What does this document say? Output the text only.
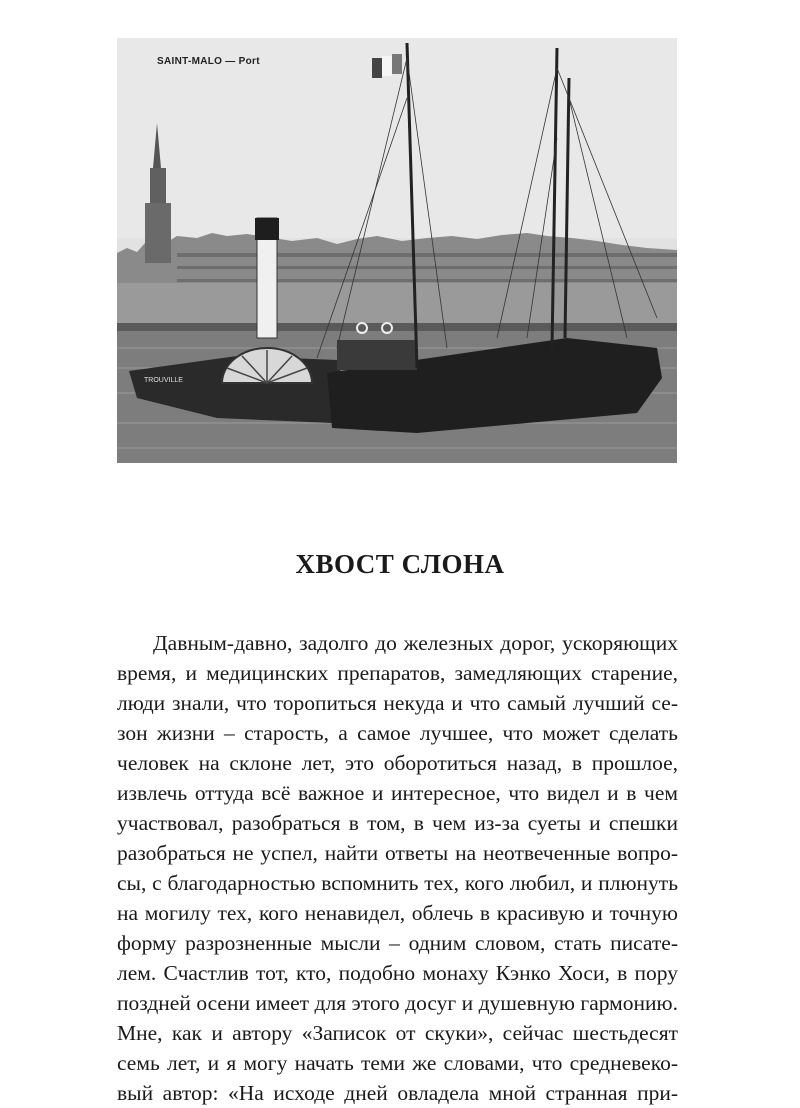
TROUVILLE
SAINT-MALO — Port
ХВОСТ СЛОНА
Давным-давно, задолго до железных дорог, ускоряющих
время, и медицинских препаратов, замедляющих старение,
люди знали, что торопиться некуда и что самый лучший се-
зон жизни – старость, а самое лучшее, что может сделать
человек на склоне лет, это оборотиться назад, в прошлое,
извлечь оттуда всё важное и интересное, что видел и в чем
участвовал, разобраться в том, в чем из-за суеты и спешки
разобраться не успел, найти ответы на неотвеченные вопро-
сы, с благодарностью вспомнить тех, кого любил, и плюнуть
на могилу тех, кого ненавидел, облечь в красивую и точную
форму разрозненные мысли – одним словом, стать писате-
лем. Счастлив тот, кто, подобно монаху Кэнко Хоси, в пору
поздней осени имеет для этого досуг и душевную гармонию.
Мне, как и автору «Записок от скуки», сейчас шестьдесят
семь лет, и я могу начать теми же словами, что средневеко-
вый автор: «На исходе дней овладела мной странная при-
